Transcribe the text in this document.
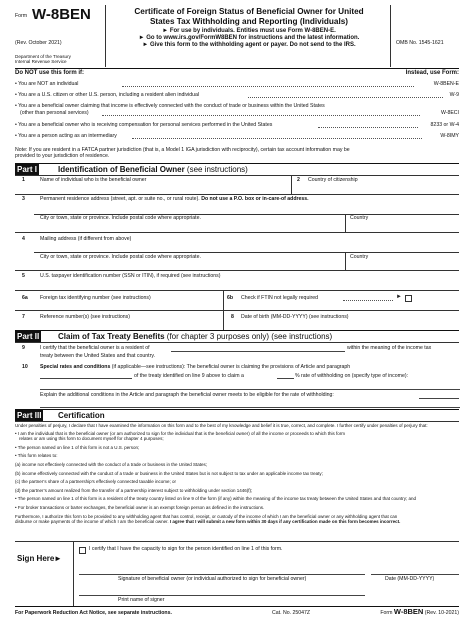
Form W-8BEN
(Rev. October 2021)
Department of the Treasury
Internal Revenue Service
Certificate of Foreign Status of Beneficial Owner for United
States Tax Withholding and Reporting (Individuals)
► For use by individuals. Entities must use Form W-8BEN-E.
► Go to www.irs.gov/FormW8BEN for instructions and the latest information.
► Give this form to the withholding agent or payer. Do not send to the IRS.	OMB No. 1545-1621
Do NOT use this form if:	Instead, use Form:
• You are NOT an individual	W-8BEN-E
• You are a U.S. citizen or other U.S. person, including a resident alien individual	W-9
• You are a beneficial owner claiming that income is effectively connected with the conduct of trade or business within the United States
(other than personal services)	W-8ECI
• You are a beneficial owner who is receiving compensation for personal services performed in the United States	8233 or W-4
• You are a person acting as an intermediary	W-8IMY
Note: If you are resident in a FATCA partner jurisdiction (that is, a Model 1 IGA jurisdiction with reciprocity), certain tax account information may be
provided to your jurisdiction of residence.
Part I	Identification of Beneficial Owner (see instructions)
1	Name of individual who is the beneficial owner	2 Country of citizenship
3	Permanent residence address (street, apt. or suite no., or rural route). Do not use a P.O. box or in-care-of address.
City or town, state or province. Include postal code where appropriate.	Country
4	Mailing address (if different from above)
City or town, state or province. Include postal code where appropriate.	Country
5	U.S. taxpayer identification number (SSN or ITIN), if required (see instructions)
6a Foreign tax identifying number (see instructions)	6b Check if FTIN not legally required	►
7	Reference number(s) (see instructions)	8 Date of birth (MM-DD-YYYY) (see instructions)
Part II Claim of Tax Treaty Benefits (for chapter 3 purposes only) (see instructions)
9	I certify that the beneficial owner is a resident of	within the meaning of the income tax
treaty between the United States and that country.
10 Special rates and conditions (if applicable—see instructions): The beneficial owner is claiming the provisions of Article and paragraph
of the treaty identified on line 9 above to claim a	% rate of withholding on (specify type of income):
Explain the additional conditions in the Article and paragraph the beneficial owner meets to be eligible for the rate of withholding:
Part III Certification
Under penalties of perjury, I declare that I have examined the information on this form and to the best of my knowledge and belief it is true, correct, and complete. I further certify under penalties of perjury that:
• I am the individual that is the beneficial owner (or am authorized to sign for the individual that is the beneficial owner) of all the income or proceeds to which this form
relates or am using this form to document myself for chapter 4 purposes;
• The person named on line 1 of this form is not a U.S. person;
• This form relates to:
(a) income not effectively connected with the conduct of a trade or business in the United States;
(b) income effectively connected with the conduct of a trade or business in the United States but is not subject to tax under an applicable income tax treaty;
(c) the partner’s share of a partnership’s effectively connected taxable income; or
(d) the partner’s amount realized from the transfer of a partnership interest subject to withholding under section 1446(f);
• The person named on line 1 of this form is a resident of the treaty country listed on line 9 of the form (if any) within the meaning of the income tax treaty between the United States and that country; and
• For broker transactions or barter exchanges, the beneficial owner is an exempt foreign person as defined in the instructions.
Furthermore, I authorize this form to be provided to any withholding agent that has control, receipt, or custody of the income of which I am the beneficial owner or any withholding agent that can
disburse or make payments of the income of which I am the beneficial owner. I agree that I will submit a new form within 30 days if any certification made on this form becomes incorrect.
Sign Here ►
I certify that I have the capacity to sign for the person identified on line 1 of this form.
Signature of beneficial owner (or individual authorized to sign for beneficial owner)	Date (MM-DD-YYYY)
Print name of signer
For Paperwork Reduction Act Notice, see separate instructions.	Cat. No. 25047Z	Form W-8BEN (Rev. 10-2021)
